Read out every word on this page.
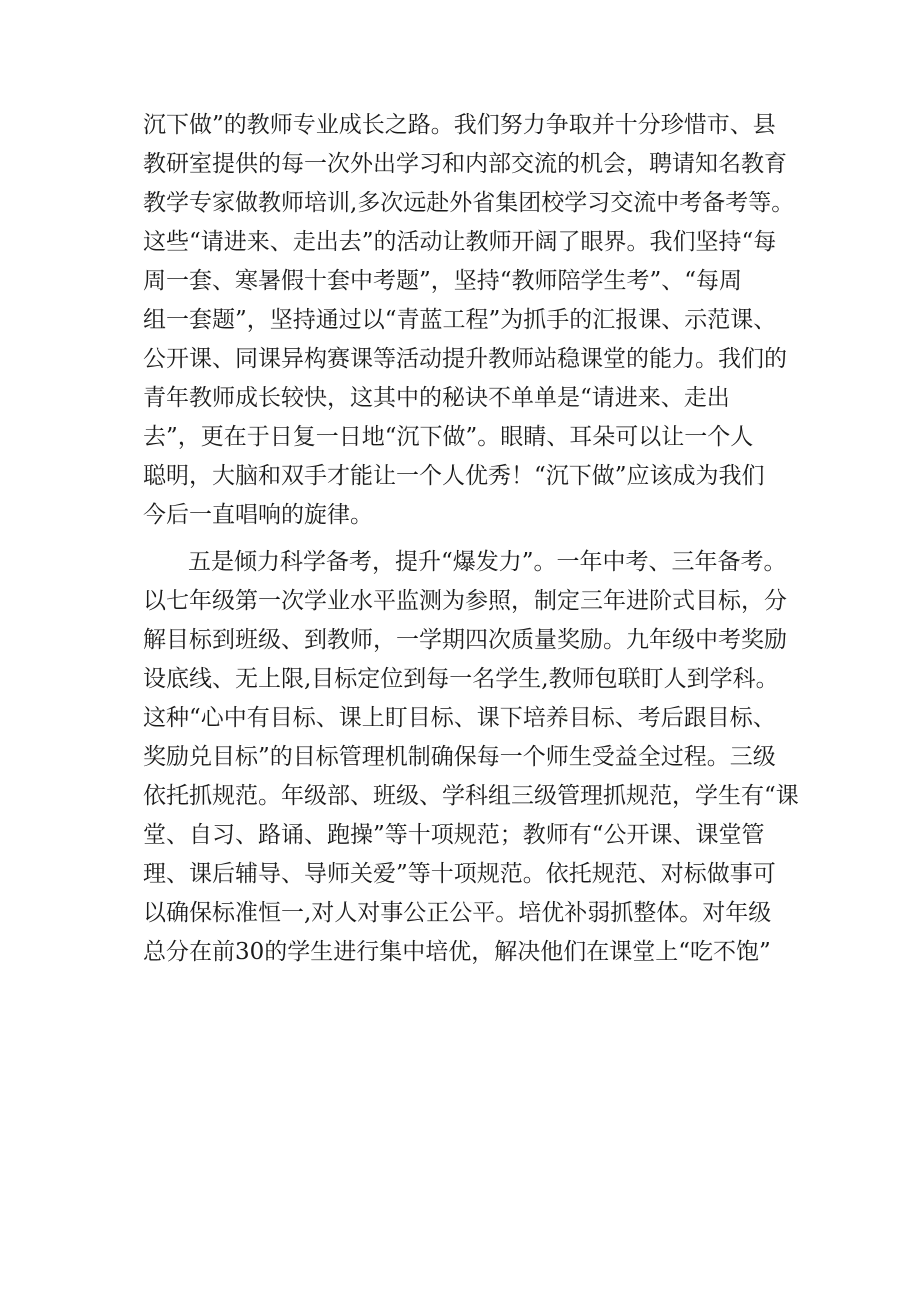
沉下做”的教师专业成长之路。我们努力争取并十分珍惜市、县
教研室提供的每一次外出学习和内部交流的机会，聘请知名教育
教学专家做教师培训,多次远赴外省集团校学习交流中考备考等。
这些“请进来、走出去”的活动让教师开阔了眼界。我们坚持“每
周一套、寒暑假十套中考题”，坚持“教师陪学生考”、“每周
组一套题”，坚持通过以“青蓝工程”为抓手的汇报课、示范课、
公开课、同课异构赛课等活动提升教师站稳课堂的能力。我们的
青年教师成长较快，这其中的秘诀不单单是“请进来、走出
去”，更在于日复一日地“沉下做”。眼睛、耳朵可以让一个人
聪明，大脑和双手才能让一个人优秀！“沉下做”应该成为我们
今后一直唱响的旋律。
五是倾力科学备考，提升“爆发力”。一年中考、三年备考。
以七年级第一次学业水平监测为参照，制定三年进阶式目标，分
解目标到班级、到教师，一学期四次质量奖励。九年级中考奖励
设底线、无上限,目标定位到每一名学生,教师包联盯人到学科。
这种“心中有目标、课上盯目标、课下培养目标、考后跟目标、
奖励兑目标”的目标管理机制确保每一个师生受益全过程。三级
依托抓规范。年级部、班级、学科组三级管理抓规范，学生有“课
堂、自习、路诵、跑操”等十项规范；教师有“公开课、课堂管
理、课后辅导、导师关爱”等十项规范。依托规范、对标做事可
以确保标准恒一,对人对事公正公平。培优补弱抓整体。对年级
总分在前30的学生进行集中培优，解决他们在课堂上“吃不饱”
